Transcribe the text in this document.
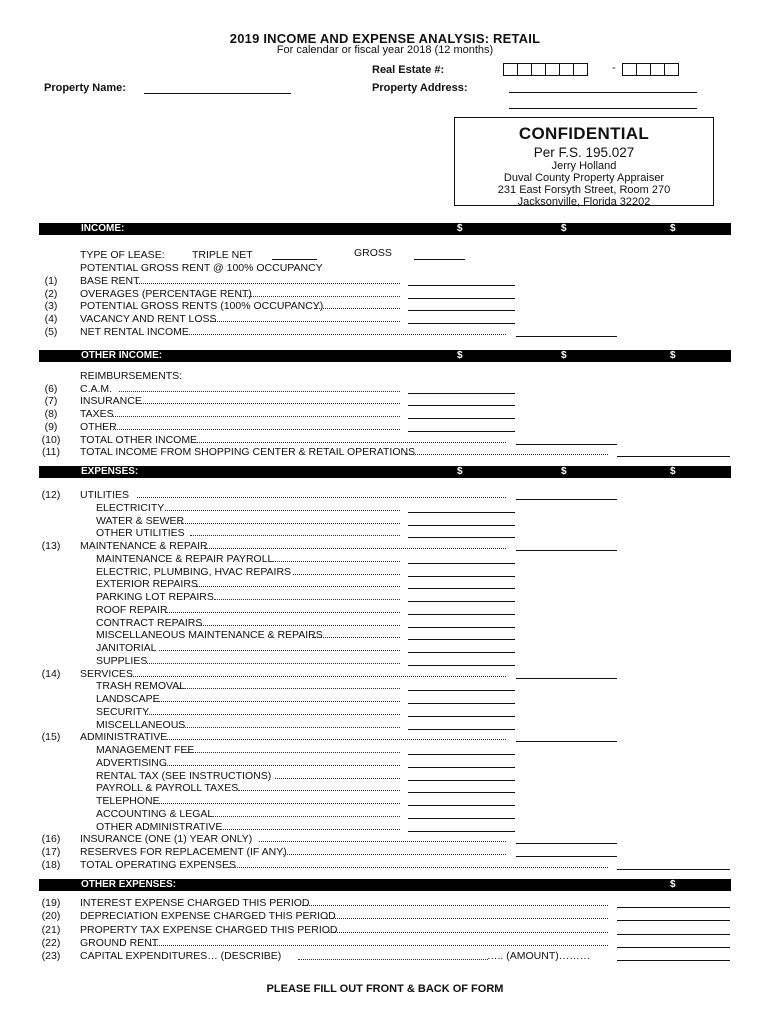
2019 INCOME AND EXPENSE ANALYSIS: RETAIL
For calendar or fiscal year 2018 (12 months)
Real Estate #:	-
Property Name:	Property Address:
CONFIDENTIAL
Per F.S. 195.027
Jerry Holland
Duval County Property Appraiser
231 East Forsyth Street, Room 270
Jacksonville, Florida 32202
INCOME:	$	$	$
TYPE OF LEASE:	TRIPLE NET	GROSS
POTENTIAL GROSS RENT @ 100% OCCUPANCY
(1)	BASE RENT
(2)	OVERAGES (PERCENTAGE RENT)
(3)	POTENTIAL GROSS RENTS (100% OCCUPANCY)
(4)	VACANCY AND RENT LOSS
(5)	NET RENTAL INCOME
OTHER INCOME:	$	$	$
REIMBURSEMENTS:
(6)	C.A.M.
(7)	INSURANCE
(8)	TAXES
(9)	OTHER
(10)	TOTAL OTHER INCOME
(11)	TOTAL INCOME FROM SHOPPING CENTER & RETAIL OPERATIONS
EXPENSES:	$	$	$
(12)	UTILITIES
ELECTRICITY
WATER & SEWER
OTHER UTILITIES
(13)	MAINTENANCE & REPAIR
MAINTENANCE & REPAIR PAYROLL
ELECTRIC, PLUMBING, HVAC REPAIRS
EXTERIOR REPAIRS
PARKING LOT REPAIRS
ROOF REPAIR
CONTRACT REPAIRS
MISCELLANEOUS MAINTENANCE & REPAIRS
JANITORIAL
SUPPLIES
(14)	SERVICES
TRASH REMOVAL
LANDSCAPE
SECURITY
MISCELLANEOUS
(15)	ADMINISTRATIVE
MANAGEMENT FEE
ADVERTISING
RENTAL TAX (SEE INSTRUCTIONS)
PAYROLL & PAYROLL TAXES
TELEPHONE
ACCOUNTING & LEGAL
OTHER ADMINISTRATIVE
(16)	INSURANCE (ONE (1) YEAR ONLY)
(17)	RESERVES FOR REPLACEMENT (IF ANY)
(18)	TOTAL OPERATING EXPENSES
OTHER EXPENSES:	$
(19)	INTEREST EXPENSE CHARGED THIS PERIOD
(20)	DEPRECIATION EXPENSE CHARGED THIS PERIOD
(21)	PROPERTY TAX EXPENSE CHARGED THIS PERIOD
(22)	GROUND RENT
(23)	CAPITAL EXPENDITURES… (DESCRIBE)	….. (AMOUNT)………
PLEASE FILL OUT FRONT & BACK OF FORM
